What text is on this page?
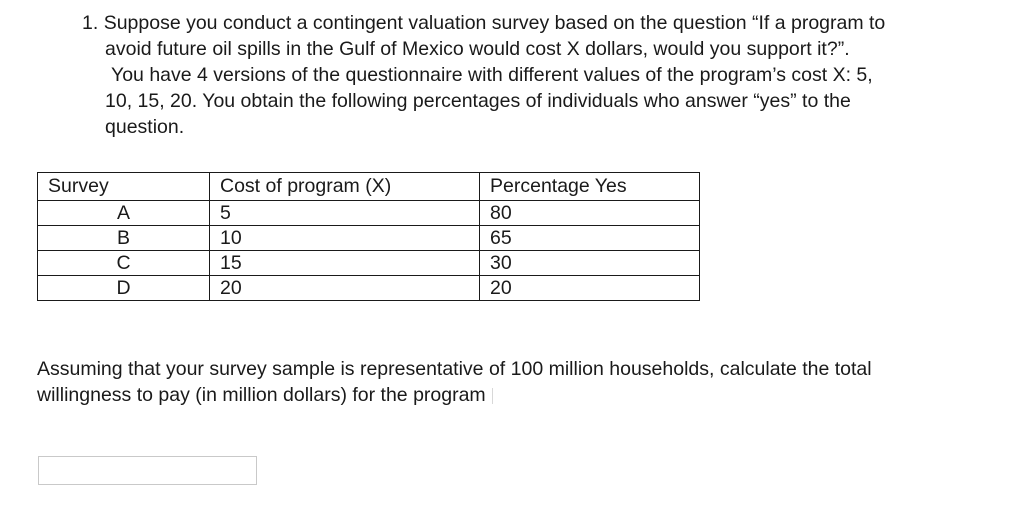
1. Suppose you conduct a contingent valuation survey based on the question “If a program to
avoid future oil spills in the Gulf of Mexico would cost X dollars, would you support it?”.
You have 4 versions of the questionnaire with different values of the program’s cost X: 5,
10, 15, 20. You obtain the following percentages of individuals who answer “yes” to the
question.
Survey	Cost of program (X)	Percentage Yes
A	5	80
B	10	65
C	15	30
D	20	20
Assuming that your survey sample is representative of 100 million households, calculate the total
willingness to pay (in million dollars) for the program
